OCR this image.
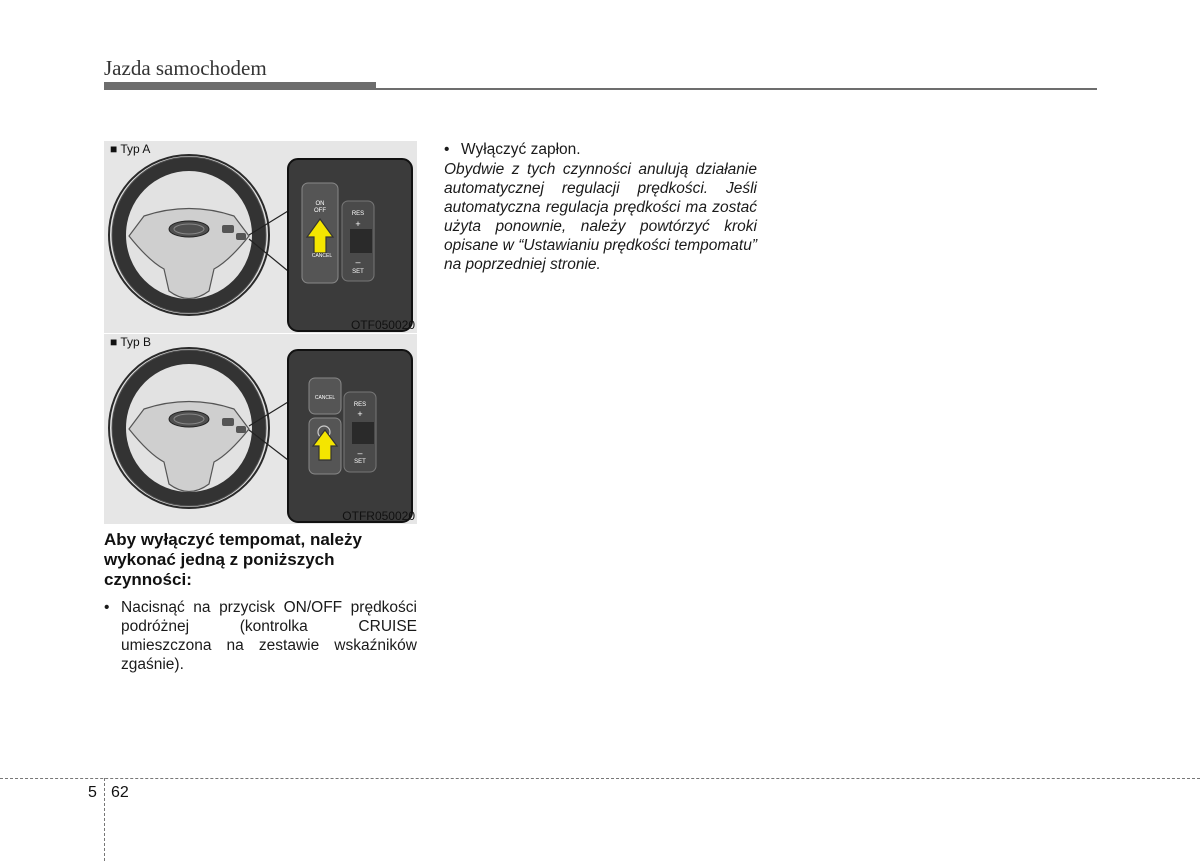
Jazda samochodem
■ Typ A
ON
OFF
CANCEL
RES
+
–
SET
OTF050020
■ Typ B
CANCEL
RES
+
–
SET
OTFR050020
Aby wyłączyć tempomat, należy wykonać jedną z poniższych czynności:
• Nacisnąć na przycisk ON/OFF prędkości podróżnej (kontrolka CRUISE umieszczona na zestawie wskaźników zgaśnie).
• Wyłączyć zapłon.
Obydwie z tych czynności anulują działanie automatycznej regulacji prędkości. Jeśli automatyczna regulacja prędkości ma zostać użyta ponownie, należy powtórzyć kroki opisane w “Ustawianiu prędkości tempomatu” na poprzedniej stronie.
5 62
